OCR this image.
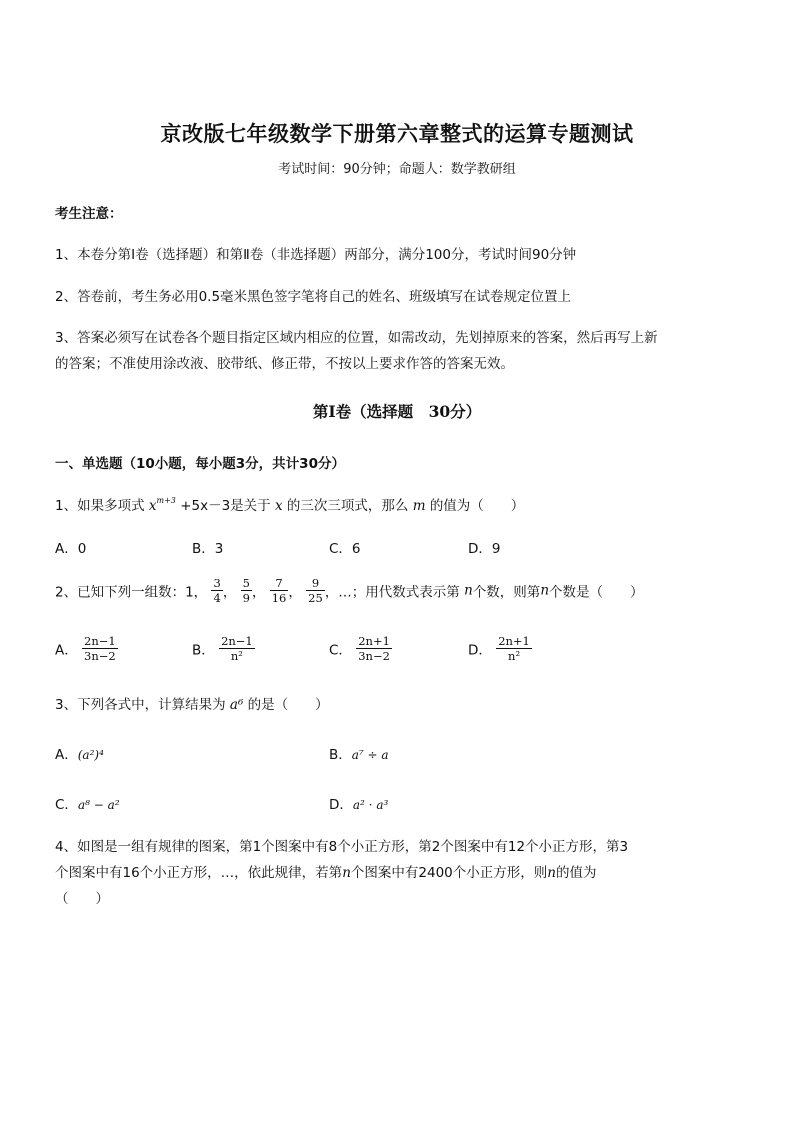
京改版七年级数学下册第六章整式的运算专题测试
考试时间：90分钟；命题人：数学教研组
考生注意：
1、本卷分第Ⅰ卷（选择题）和第Ⅱ卷（非选择题）两部分，满分100分，考试时间90分钟
2、答卷前，考生务必用0.5毫米黑色签字笔将自己的姓名、班级填写在试卷规定位置上
3、答案必须写在试卷各个题目指定区域内相应的位置，如需改动，先划掉原来的答案，然后再写上新
的答案；不准使用涂改液、胶带纸、修正带，不按以上要求作答的答案无效。
第Ⅰ卷（选择题　30分）
一、单选题（10小题，每小题3分，共计30分）
1、如果多项式 $x^{m+3} +5x-3$是关于 x 的三次三项式，那么 m 的值为（　　）
A．0	B．3	C．6	D．9
2、已知下列一组数：1， $\frac{3}{4}$ ， $\frac{5}{9}$ ， $\frac{7}{16}$ ， $\frac{9}{25}$ ，…；用代数式表示第 n个数，则第n个数是（　　）
A． $\frac{2n-1}{3n-2}$	B． $\frac{2n-1}{\text{n²}}$	C． $\frac{2n+1}{3n-2}$	D． $\frac{2n+1}{\text{n²}}$
3、下列各式中，计算结果为 a⁶ 的是（　　）
A．(a²)⁴	B．a⁷ ÷ a
C．a⁸ − a²	D．a² · a³
4、如图是一组有规律的图案，第1个图案中有8个小正方形，第2个图案中有12个小正方形，第3
个图案中有16个小正方形，…，依此规律，若第n个图案中有2400个小正方形，则n的值为
（　　）
